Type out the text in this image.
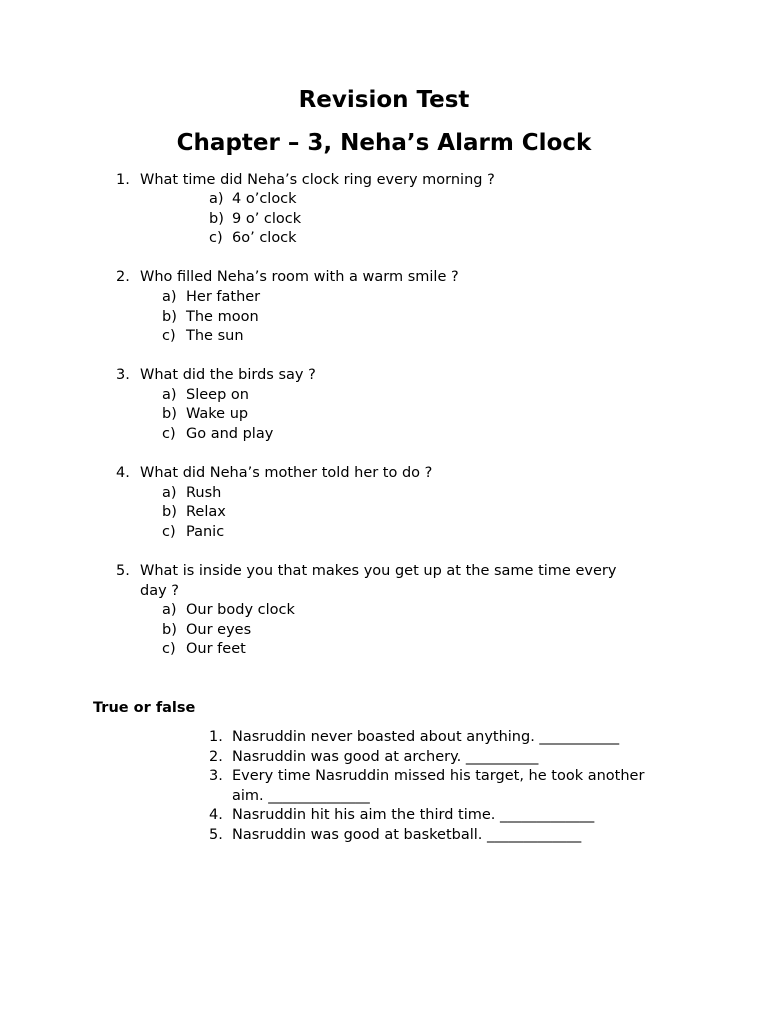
Revision Test
Chapter – 3, Neha’s Alarm Clock
1. What time did Neha’s clock ring every morning ?
a) 4 o’clock
b) 9 o’ clock
c) 6o’ clock
2. Who filled Neha’s room with a warm smile ?
a) Her father
b) The moon
c) The sun
3. What did the birds say ?
a) Sleep on
b) Wake up
c) Go and play
4. What did Neha’s mother told her to do ?
a) Rush
b) Relax
c) Panic
5. What is inside you that makes you get up at the same time every
day ?
a) Our body clock
b) Our eyes
c) Our feet
True or false
1. Nasruddin never boasted about anything. ___________
2. Nasruddin was good at archery. __________
3. Every time Nasruddin missed his target, he took another
aim. ______________
4. Nasruddin hit his aim the third time. _____________
5. Nasruddin was good at basketball. _____________
